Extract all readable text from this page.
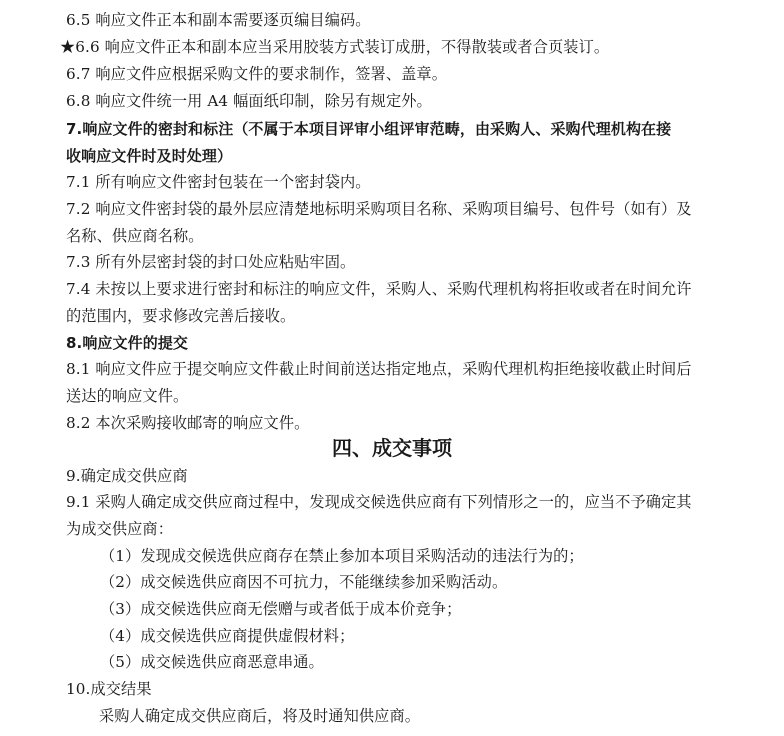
6.5 响应文件正本和副本需要逐页编目编码。
★6.6 响应文件正本和副本应当采用胶装方式装订成册，不得散装或者合页装订。
6.7 响应文件应根据采购文件的要求制作，签署、盖章。
6.8 响应文件统一用 A4 幅面纸印制，除另有规定外。
7.响应文件的密封和标注（不属于本项目评审小组评审范畴，由采购人、采购代理机构在接
收响应文件时及时处理）
7.1 所有响应文件密封包装在一个密封袋内。
7.2 响应文件密封袋的最外层应清楚地标明采购项目名称、采购项目编号、包件号（如有）及
名称、供应商名称。
7.3 所有外层密封袋的封口处应粘贴牢固。
7.4 未按以上要求进行密封和标注的响应文件，采购人、采购代理机构将拒收或者在时间允许
的范围内，要求修改完善后接收。
8.响应文件的提交
8.1 响应文件应于提交响应文件截止时间前送达指定地点，采购代理机构拒绝接收截止时间后
送达的响应文件。
8.2 本次采购接收邮寄的响应文件。
四、成交事项
9.确定成交供应商
9.1 采购人确定成交供应商过程中，发现成交候选供应商有下列情形之一的，应当不予确定其
为成交供应商：
（1）发现成交候选供应商存在禁止参加本项目采购活动的违法行为的；
（2）成交候选供应商因不可抗力，不能继续参加采购活动。
（3）成交候选供应商无偿赠与或者低于成本价竞争；
（4）成交候选供应商提供虚假材料；
（5）成交候选供应商恶意串通。
10.成交结果
采购人确定成交供应商后，将及时通知供应商。
